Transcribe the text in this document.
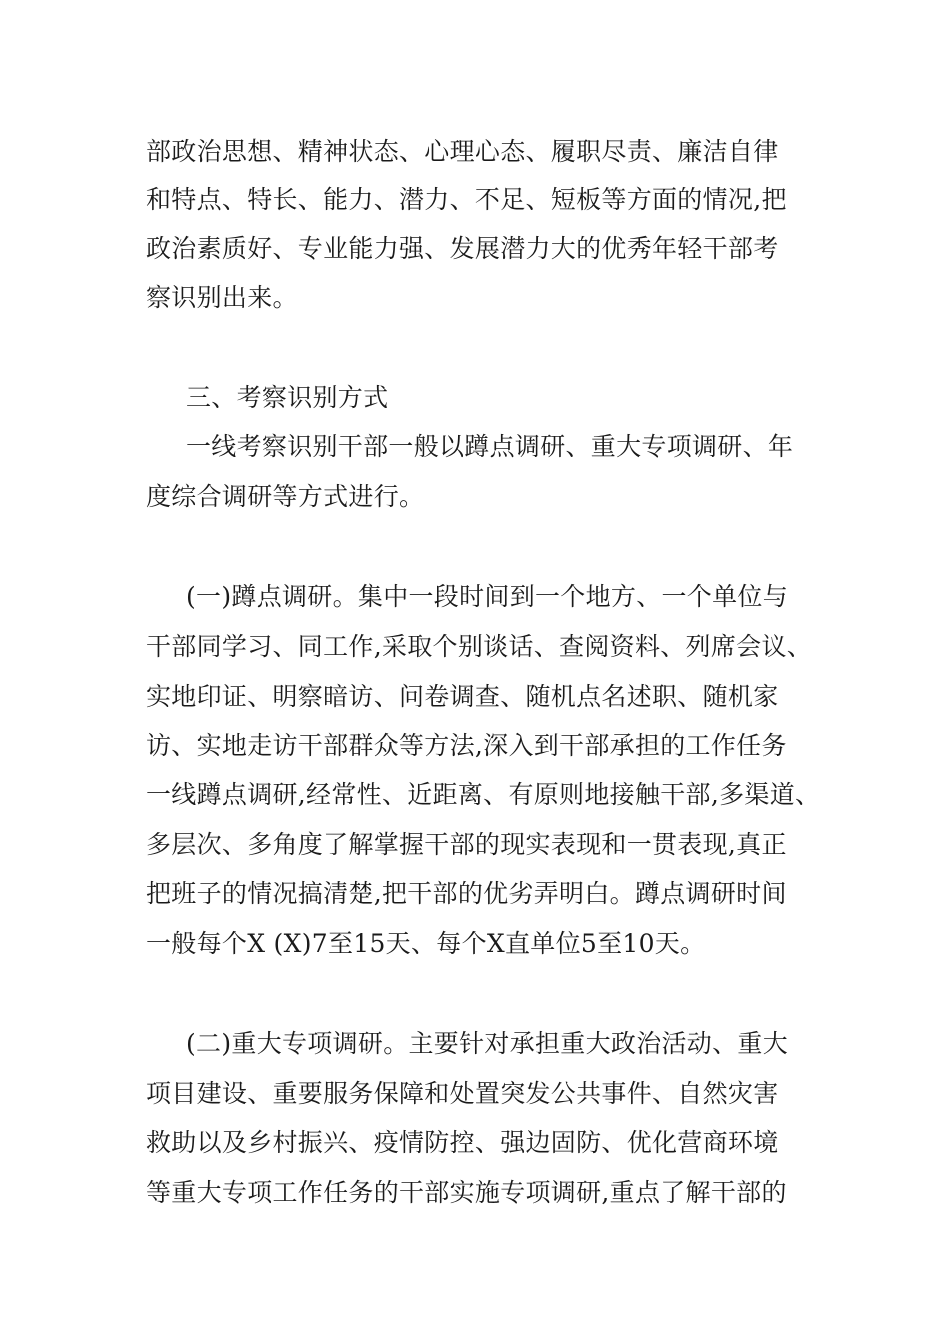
部政治思想、精神状态、心理心态、履职尽责、廉洁自律
和特点、特长、能力、潜力、不足、短板等方面的情况,把
政治素质好、专业能力强、发展潜力大的优秀年轻干部考
察识别出来。
三、考察识别方式
一线考察识别干部一般以蹲点调研、重大专项调研、年
度综合调研等方式进行。
(一)蹲点调研。集中一段时间到一个地方、一个单位与
干部同学习、同工作,采取个别谈话、查阅资料、列席会议、
实地印证、明察暗访、问卷调查、随机点名述职、随机家
访、实地走访干部群众等方法,深入到干部承担的工作任务
一线蹲点调研,经常性、近距离、有原则地接触干部,多渠道、
多层次、多角度了解掌握干部的现实表现和一贯表现,真正
把班子的情况搞清楚,把干部的优劣弄明白。蹲点调研时间
一般每个X (X)7至15天、每个X直单位5至10天。
(二)重大专项调研。主要针对承担重大政治活动、重大
项目建设、重要服务保障和处置突发公共事件、自然灾害
救助以及乡村振兴、疫情防控、强边固防、优化营商环境
等重大专项工作任务的干部实施专项调研,重点了解干部的
